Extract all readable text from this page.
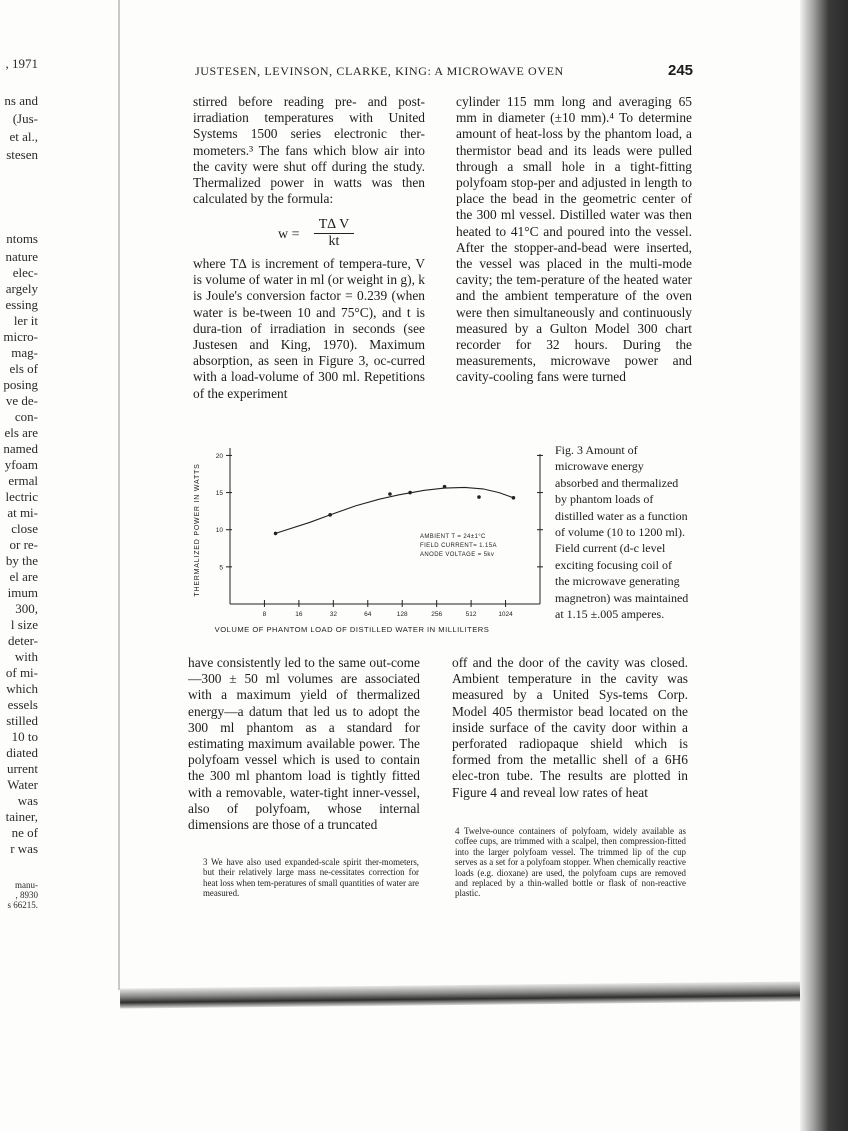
, 1971
ns and
(Jus-
et al.,
stesen
ntoms
nature
elec-
argely
essing
ler it
micro-
mag-
els of
posing
ve de-
con-
els are
named
yfoam
ermal
lectric
at mi-
close
or re-
by the
el are
imum
300,
l size
deter-
with
of mi-
which
essels
stilled
10 to
diated
urrent
Water
was
tainer,
ne of
r was
manu-
, 8930
s 66215.
JUSTESEN, LEVINSON, CLARKE, KING: A MICROWAVE OVEN	245

stirred before reading pre- and post-irradiation temperatures with United Systems 1500 series electronic ther-mometers.³ The fans which blow air into the cavity were shut off during the study. Thermalized power in watts was then calculated by the formula:

w =
T∆ V
kt

where T∆ is increment of tempera-ture, V is volume of water in ml (or weight in g), k is Joule's conversion factor = 0.239 (when water is be-tween 10 and 75°C), and t is dura-tion of irradiation in seconds (see Justesen and King, 1970). Maximum absorption, as seen in Figure 3, oc-curred with a load-volume of 300 ml. Repetitions of the experiment

cylinder 115 mm long and averaging 65 mm in diameter (±10 mm).⁴ To determine amount of heat-loss by the phantom load, a thermistor bead and its leads were pulled through a small hole in a tight-fitting polyfoam stop-per and adjusted in length to place the bead in the geometric center of the 300 ml vessel. Distilled water was then heated to 41°C and poured into the vessel. After the stopper-and-bead were inserted, the vessel was placed in the multi-mode cavity; the tem-perature of the heated water and the ambient temperature of the oven were then simultaneously and continuously measured by a Gulton Model 300 chart recorder for 32 hours. During the measurements, microwave power and cavity-cooling fans were turned

5
10
15
20
8	16	32	64	128	256	512	1024
THERMALIZED POWER IN WATTS
VOLUME OF PHANTOM LOAD OF DISTILLED WATER IN MILLILITERS
AMBIENT T = 24±1°C
FIELD CURRENT= 1.15A
ANODE VOLTAGE = 5kv

Fig. 3 Amount of microwave energy absorbed and thermalized by phantom loads of distilled water as a function of volume (10 to 1200 ml). Field current (d-c level exciting focusing coil of the microwave generating magnetron) was maintained at 1.15 ±.005 amperes.

have consistently led to the same out-come—300 ± 50 ml volumes are associated with a maximum yield of thermalized energy—a datum that led us to adopt the 300 ml phantom as a standard for estimating maximum available power. The polyfoam vessel which is used to contain the 300 ml phantom load is tightly fitted with a removable, water-tight inner-vessel, also of polyfoam, whose internal dimensions are those of a truncated

off and the door of the cavity was closed. Ambient temperature in the cavity was measured by a United Sys-tems Corp. Model 405 thermistor bead located on the inside surface of the cavity door within a perforated radiopaque shield which is formed from the metallic shell of a 6H6 elec-tron tube. The results are plotted in Figure 4 and reveal low rates of heat

3 We have also used expanded-scale spirit ther-mometers, but their relatively large mass ne-cessitates correction for heat loss when tem-peratures of small quantities of water are measured.

4 Twelve-ounce containers of polyfoam, widely available as coffee cups, are trimmed with a scalpel, then compression-fitted into the larger polyfoam vessel. The trimmed lip of the cup serves as a set for a polyfoam stopper. When chemically reactive loads (e.g. dioxane) are used, the polyfoam cups are removed and replaced by a thin-walled bottle or flask of non-reactive plastic.
